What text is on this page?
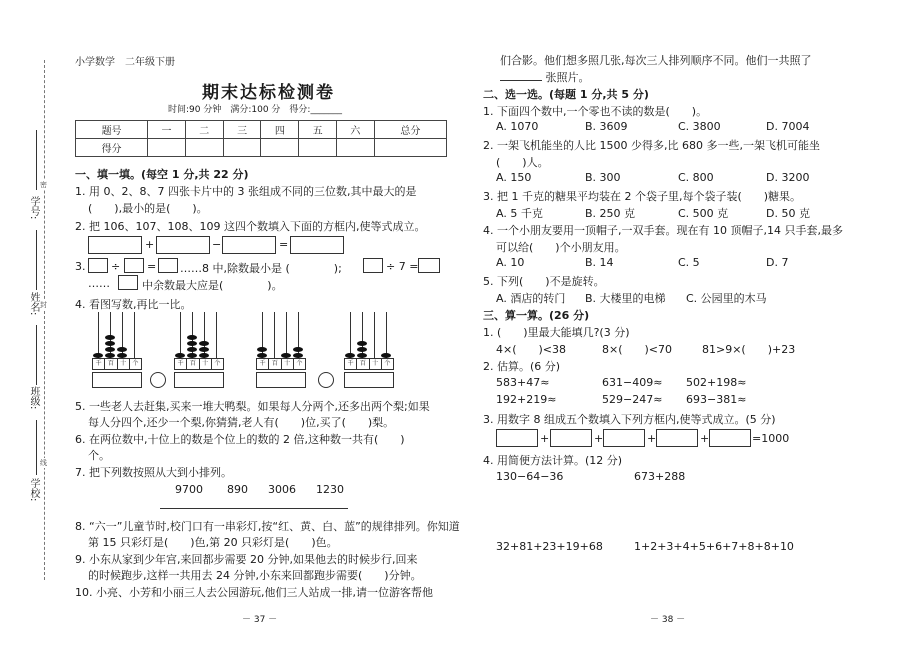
密
封
线
学号:
姓名:
班级:
学校:
小学数学　二年级下册
期末达标检测卷
时间:90 分钟　满分:100 分　得分:_______
题号	一	二	三	四	五	六	总分
得分							
一、填一填。(每空 1 分,共 22 分)
1. 用 0、2、8、7 四张卡片中的 3 张组成不同的三位数,其中最大的是
(　　),最小的是(　　)。
2. 把 106、107、108、109 这四个数填入下面的方框内,使等式成立。
+	−	=
3. ÷ = ……8 中,除数最小是 (　　　　);	÷ 7 =
……	中余数最大应是(　　　　)。
4. 看图写数,再比一比。
千	百	十	个	千	百	十	个	千	百	十	个	千	百	十	个
5. 一些老人去赶集,买来一堆大鸭梨。如果每人分两个,还多出两个梨;如果
每人分四个,还少一个梨,你猜猜,老人有(　　)位,买了(　　)梨。
6. 在两位数中,十位上的数是个位上的数的 2 倍,这种数一共有(　　)
个。
7. 把下列数按照从大到小排列。
9700 890 3006 1230
8. “六一”儿童节时,校门口有一串彩灯,按“红、黄、白、蓝”的规律排列。你知道
第 15 只彩灯是(　　)色,第 20 只彩灯是(　　)色。
9. 小东从家到少年宫,来回都步需要 20 分钟,如果他去的时候步行,回来
的时候跑步,这样一共用去 24 分钟,小东来回都跑步需要(　　)分钟。
10. 小亮、小芳和小丽三人去公园游玩,他们三人站成一排,请一位游客帮他
－ 37 －
们合影。他们想多照几张,每次三人排列顺序不同。他们一共照了
张照片。
二、选一选。(每题 1 分,共 5 分)
1. 下面四个数中,一个零也不读的数是(　　)。
A. 1070	B. 3609	C. 3800	D. 7004
2. 一架飞机能坐的人比 1500 少得多,比 680 多一些,一架飞机可能坐
(　　)人。
A. 150	B. 300	C. 800	D. 3200
3. 把 1 千克的糖果平均装在 2 个袋子里,每个袋子装(　　)糖果。
A. 5 千克	B. 250 克	C. 500 克	D. 50 克
4. 一个小朋友要用一顶帽子,一双手套。现在有 10 顶帽子,14 只手套,最多
可以给(　　)个小朋友用。
A. 10	B. 14	C. 5	D. 7
5. 下列(　　)不是旋转。
A. 酒店的转门 B. 大楼里的电梯 C. 公园里的木马
三、算一算。(26 分)
1. (　　)里最大能填几?(3 分)
4×(　　)<38	8×(　　)<70	81>9×(　　)+23
2. 估算。(6 分)
583+47≈	631−409≈ 502+198≈
192+219≈	529−247≈ 693−381≈
3. 用数字 8 组成五个数填入下列方框内,使等式成立。(5 分)
+	+	+	+	=1000
4. 用简便方法计算。(12 分)
130−64−36	673+288
32+81+23+19+68	1+2+3+4+5+6+7+8+8+10
－ 38 －
